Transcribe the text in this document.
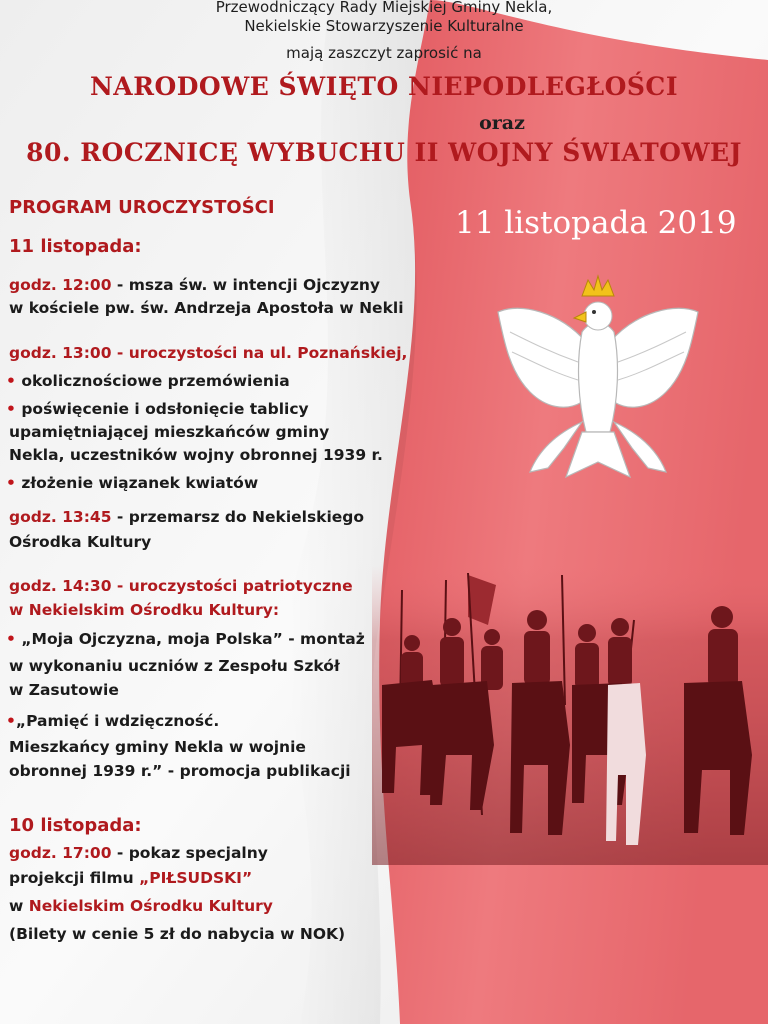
Przewodniczący Rady Miejskiej Gminy Nekla,
Nekielskie Stowarzyszenie Kulturalne
mają zaszczyt zaprosić na
NARODOWE ŚWIĘTO NIEPODLEGŁOŚCI
oraz
80. ROCZNICĘ WYBUCHU II WOJNY ŚWIATOWEJ
11 listopada 2019
PROGRAM UROCZYSTOŚCI
11 listopada:
godz. 12:00 - msza św. w intencji Ojczyzny
w kościele pw. św. Andrzeja Apostoła w Nekli
godz. 13:00 - uroczystości na ul. Poznańskiej,
• okolicznościowe przemówienia
• poświęcenie i odsłonięcie tablicy
upamiętniającej mieszkańców gminy
Nekla, uczestników wojny obronnej 1939 r.
• złożenie wiązanek kwiatów
godz. 13:45 - przemarsz do Nekielskiego
Ośrodka Kultury
godz. 14:30 - uroczystości patriotyczne
w Nekielskim Ośrodku Kultury:
• „Moja Ojczyzna, moja Polska” - montaż
w wykonaniu uczniów z Zespołu Szkół
w Zasutowie
•„Pamięć i wdzięczność.
Mieszkańcy gminy Nekla w wojnie
obronnej 1939 r.” - promocja publikacji
10 listopada:
godz. 17:00 - pokaz specjalny
projekcji filmu „PIŁSUDSKI”
w Nekielskim Ośrodku Kultury
(Bilety w cenie 5 zł do nabycia w NOK)
